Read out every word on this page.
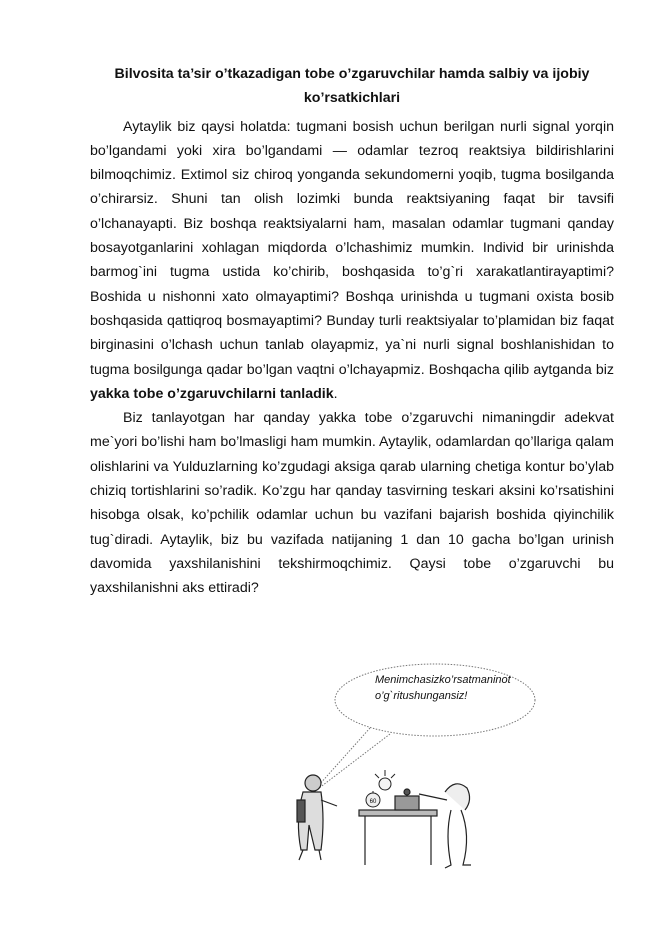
Bilvosita ta’sir o’tkazadigan tobe o’zgaruvchilar hamda salbiy va ijobiy
ko’rsatkichlari

Aytaylik biz qaysi holatda: tugmani bosish uchun berilgan nurli signal yorqin bo’lgandami yoki xira bo’lgandami — odamlar tezroq reaktsiya bildirishlarini bilmoqchimiz. Extimol siz chiroq yonganda sekundomerni yoqib, tugma bosilganda o’chirarsiz. Shuni tan olish lozimki bunda reaktsiyaning faqat bir tavsifi o’lchanayapti. Biz boshqa reaktsiyalarni ham, masalan odamlar tugmani qanday bosayotganlarini xohlagan miqdorda o’lchashimiz mumkin. Individ bir urinishda barmog`ini tugma ustida ko’chirib, boshqasida to’g`ri xarakatlantirayaptimi? Boshida u nishonni xato olmayaptimi? Boshqa urinishda u tugmani oxista bosib boshqasida qattiqroq bosmayaptimi? Bunday turli reaktsiyalar to’plamidan biz faqat birginasini o’lchash uchun tanlab olayapmiz, ya`ni nurli signal boshlanishidan to tugma bosilgunga qadar bo’lgan vaqtni o’lchayapmiz. Boshqacha qilib aytganda biz yakka tobe o’zgaruvchilarni tanladik.

Biz tanlayotgan har qanday yakka tobe o’zgaruvchi nimaningdir adekvat me`yori bo’lishi ham bo’lmasligi ham mumkin. Aytaylik, odamlardan qo’llariga qalam olishlarini va Yulduzlarning ko’zgudagi aksiga qarab ularning chetiga kontur bo’ylab chiziq tortishlarini so’radik. Ko’zgu har qanday tasvirning teskari aksini ko’rsatishini hisobga olsak, ko’pchilik odamlar uchun bu vazifani bajarish boshida qiyinchilik tug`diradi. Aytaylik, biz bu vazifada natijaning 1 dan 10 gacha bo’lgan urinish davomida yaxshilanishini tekshirmoqchimiz. Qaysi tobe o’zgaruvchi bu yaxshilanishni aks ettiradi?

60
Menimchasizko’rsatmaninot
o’g`ritushungansiz!
